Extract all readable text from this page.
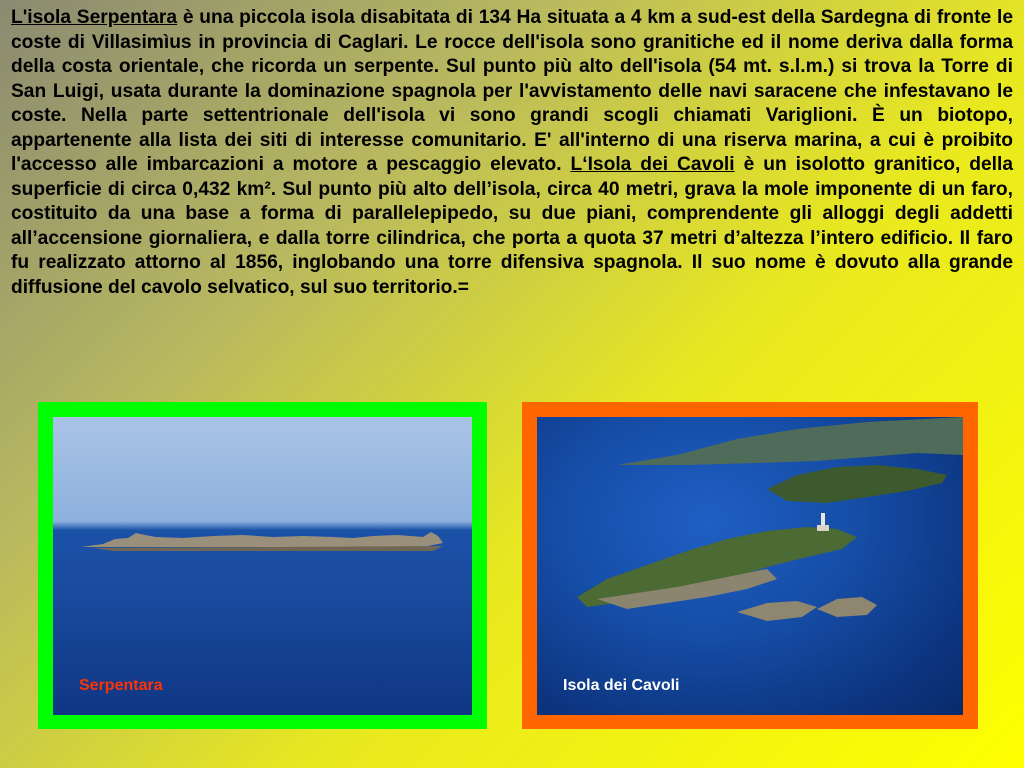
L'isola Serpentara è una piccola isola disabitata di 134 Ha situata a 4 km a sud-est della Sardegna di fronte le coste di Villasimìus in provincia di Caglari. Le rocce dell'isola sono granitiche ed il nome deriva dalla forma della costa orientale, che ricorda un serpente. Sul punto più alto dell'isola (54 mt. s.l.m.) si trova la Torre di San Luigi, usata durante la dominazione spagnola per l'avvistamento delle navi saracene che infestavano le coste. Nella parte settentrionale dell'isola vi sono grandi scogli chiamati Variglioni. È un biotopo, appartenente alla lista dei siti di interesse comunitario. E' all'interno di una riserva marina, a cui è proibito l'accesso alle imbarcazioni a motore a pescaggio elevato. L‘Isola dei Cavoli è un isolotto granitico, della superficie di circa 0,432 km². Sul punto più alto dell’isola, circa 40 metri, grava la mole imponente di un faro, costituito da una base a forma di parallelepipedo, su due piani, comprendente gli alloggi degli addetti all’accensione giornaliera, e dalla torre cilindrica, che porta a quota 37 metri d’altezza l’intero edificio. Il faro fu realizzato attorno al 1856, inglobando una torre difensiva spagnola. Il suo nome è dovuto alla grande diffusione del cavolo selvatico, sul suo territorio.=
Serpentara	Isola dei Cavoli
